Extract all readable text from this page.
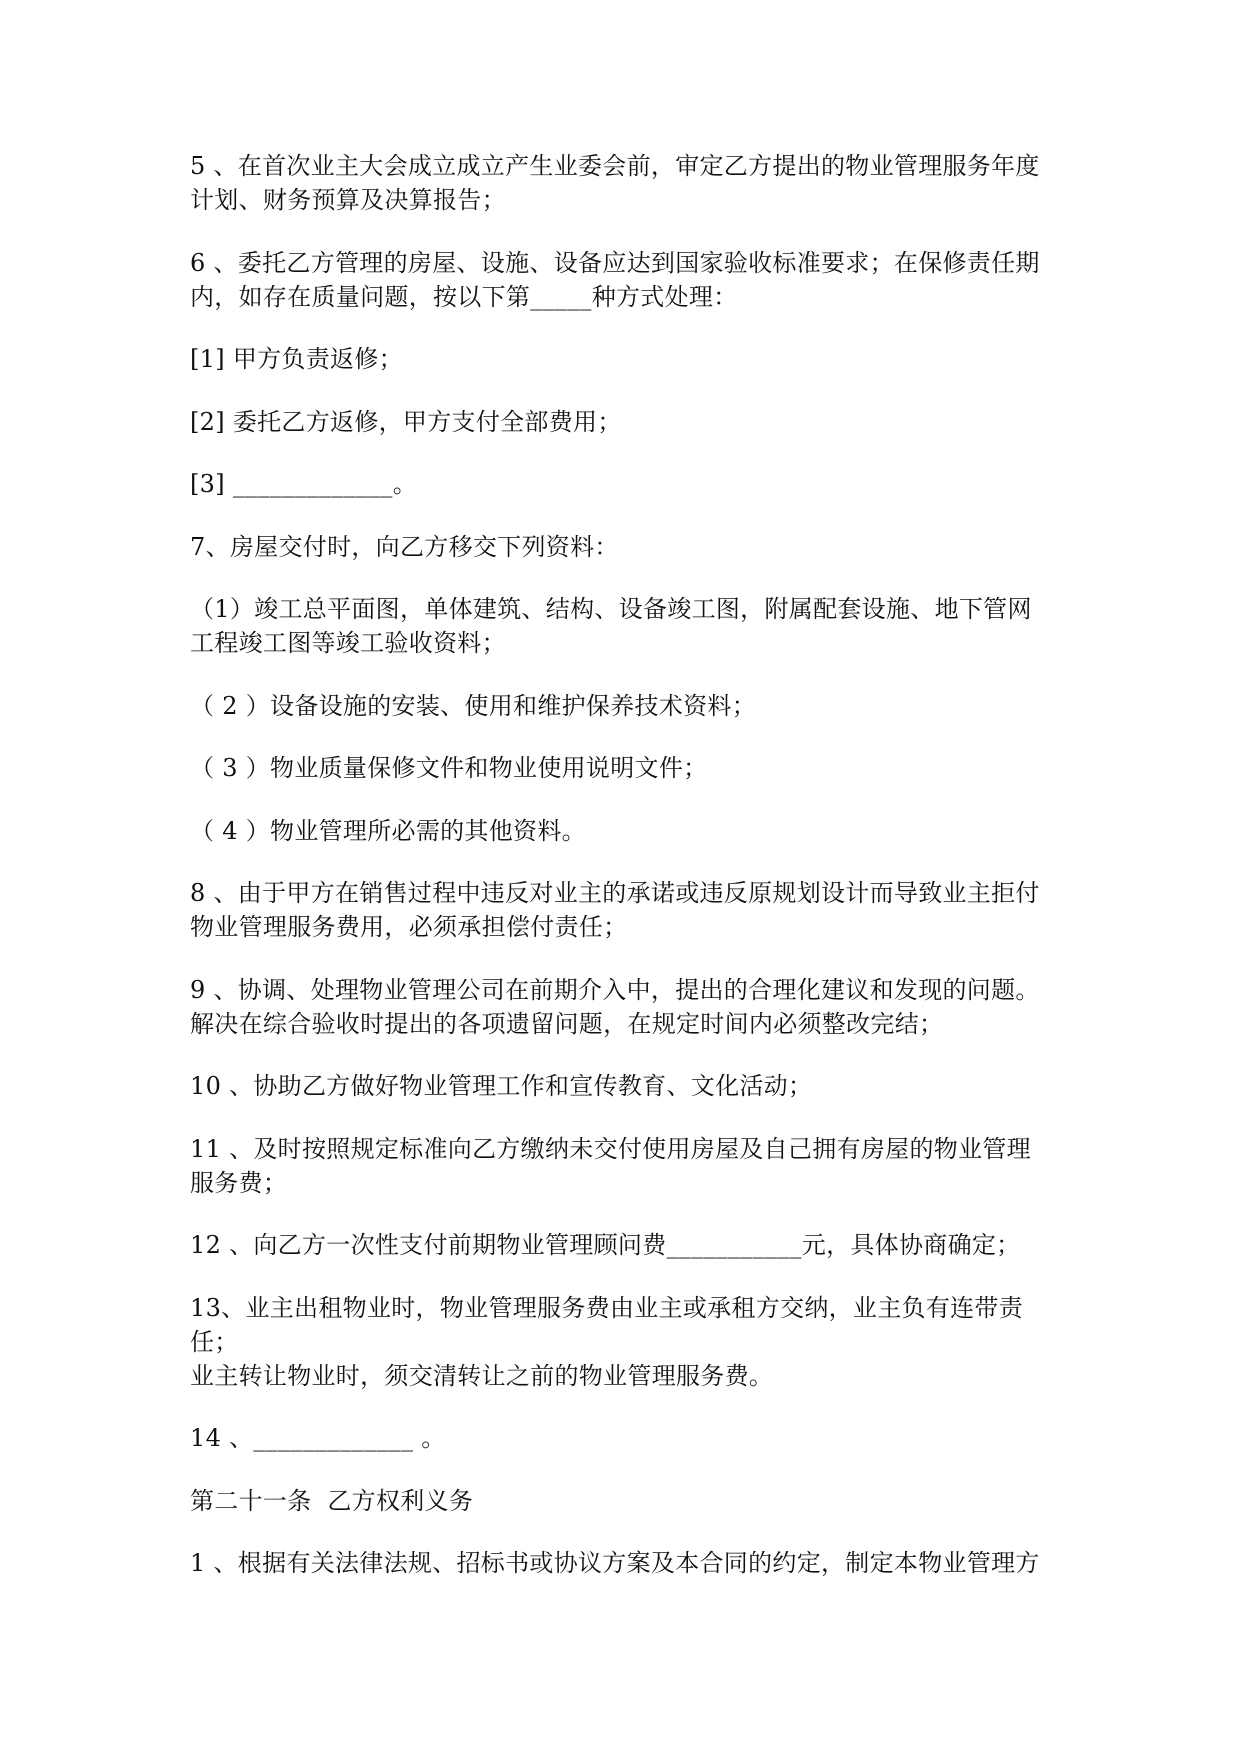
5 、在首次业主大会成立成立产生业委会前，审定乙方提出的物业管理服务年度
计划、财务预算及决算报告；

6 、委托乙方管理的房屋、设施、设备应达到国家验收标准要求；在保修责任期
内，如存在质量问题，按以下第_____种方式处理：

[1] 甲方负责返修；

[2] 委托乙方返修，甲方支付全部费用；

[3] _____________。

7、房屋交付时，向乙方移交下列资料：

（1）竣工总平面图，单体建筑、结构、设备竣工图，附属配套设施、地下管网
工程竣工图等竣工验收资料；

（ 2 ）设备设施的安装、使用和维护保养技术资料；

（ 3 ）物业质量保修文件和物业使用说明文件；

（ 4 ）物业管理所必需的其他资料。

8 、由于甲方在销售过程中违反对业主的承诺或违反原规划设计而导致业主拒付
物业管理服务费用，必须承担偿付责任；

9 、协调、处理物业管理公司在前期介入中，提出的合理化建议和发现的问题。
解决在综合验收时提出的各项遗留问题，在规定时间内必须整改完结；

10 、协助乙方做好物业管理工作和宣传教育、文化活动；

11 、及时按照规定标准向乙方缴纳未交付使用房屋及自己拥有房屋的物业管理
服务费；

12 、向乙方一次性支付前期物业管理顾问费___________元，具体协商确定；

13、业主出租物业时，物业管理服务费由业主或承租方交纳，业主负有连带责任；
业主转让物业时，须交清转让之前的物业管理服务费。

14 、_____________ 。

第二十一条  乙方权利义务

1 、根据有关法律法规、招标书或协议方案及本合同的约定，制定本物业管理方
